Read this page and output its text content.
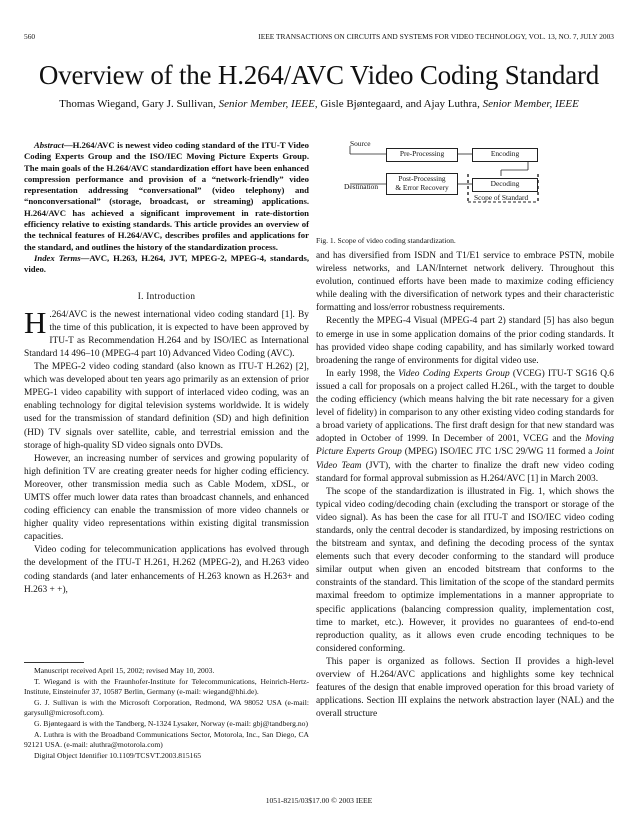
560	IEEE TRANSACTIONS ON CIRCUITS AND SYSTEMS FOR VIDEO TECHNOLOGY, VOL. 13, NO. 7, JULY 2003
Overview of the H.264/AVC Video Coding Standard
Thomas Wiegand, Gary J. Sullivan, Senior Member, IEEE, Gisle Bjøntegaard, and Ajay Luthra, Senior Member, IEEE

Abstract—H.264/AVC is newest video coding standard of the ITU-T Video Coding Experts Group and the ISO/IEC Moving Picture Experts Group. The main goals of the H.264/AVC standardization effort have been enhanced compression performance and provision of a “network-friendly” video representation addressing “conversational” (video telephony) and “nonconversational” (storage, broadcast, or streaming) applications. H.264/AVC has achieved a significant improvement in rate-distortion efficiency relative to existing standards. This article provides an overview of the technical features of H.264/AVC, describes profiles and applications for the standard, and outlines the history of the standardization process.

Index Terms—AVC, H.263, H.264, JVT, MPEG-2, MPEG-4, standards, video.

I. Introduction

H .264/AVC is the newest international video coding standard [1]. By the time of this publication, it is expected to have been approved by ITU-T as Recommendation H.264 and by ISO/IEC as International Standard 14 496–10 (MPEG-4 part 10) Advanced Video Coding (AVC).

The MPEG-2 video coding standard (also known as ITU-T H.262) [2], which was developed about ten years ago primarily as an extension of prior MPEG-1 video capability with support of interlaced video coding, was an enabling technology for digital television systems worldwide. It is widely used for the transmission of standard definition (SD) and high definition (HD) TV signals over satellite, cable, and terrestrial emission and the storage of high-quality SD video signals onto DVDs.

However, an increasing number of services and growing popularity of high definition TV are creating greater needs for higher coding efficiency. Moreover, other transmission media such as Cable Modem, xDSL, or UMTS offer much lower data rates than broadcast channels, and enhanced coding efficiency can enable the transmission of more video channels or higher quality video representations within existing digital transmission capacities.

Video coding for telecommunication applications has evolved through the development of the ITU-T H.261, H.262 (MPEG-2), and H.263 video coding standards (and later enhancements of H.263 known as H.263+ and H.263 + +),

Manuscript received April 15, 2002; revised May 10, 2003.

T. Wiegand is with the Fraunhofer-Institute for Telecommunications, Heinrich-Hertz-Institute, Einsteinufer 37, 10587 Berlin, Germany (e-mail: wiegand@hhi.de).

G. J. Sullivan is with the Microsoft Corporation, Redmond, WA 98052 USA (e-mail: garysull@microsoft.com).

G. Bjøntegaard is with the Tandberg, N-1324 Lysaker, Norway (e-mail: gbj@tandberg.no)

A. Luthra is with the Broadband Communications Sector, Motorola, Inc., San Diego, CA 92121 USA. (e-mail: aluthra@motorola.com)

Digital Object Identifier 10.1109/TCSVT.2003.815165

Source
Pre-Processing	Encoding
Destination
Post-Processing
& Error Recovery	Decoding
Scope of Standard
Fig. 1. Scope of video coding standardization.

and has diversified from ISDN and T1/E1 service to embrace PSTN, mobile wireless networks, and LAN/Internet network delivery. Throughout this evolution, continued efforts have been made to maximize coding efficiency while dealing with the diversification of network types and their characteristic formatting and loss/error robustness requirements.

Recently the MPEG-4 Visual (MPEG-4 part 2) standard [5] has also begun to emerge in use in some application domains of the prior coding standards. It has provided video shape coding capability, and has similarly worked toward broadening the range of environments for digital video use.

In early 1998, the Video Coding Experts Group (VCEG) ITU-T SG16 Q.6 issued a call for proposals on a project called H.26L, with the target to double the coding efficiency (which means halving the bit rate necessary for a given level of fidelity) in comparison to any other existing video coding standards for a broad variety of applications. The first draft design for that new standard was adopted in October of 1999. In December of 2001, VCEG and the Moving Picture Experts Group (MPEG) ISO/IEC JTC 1/SC 29/WG 11 formed a Joint Video Team (JVT), with the charter to finalize the draft new video coding standard for formal approval submission as H.264/AVC [1] in March 2003.

The scope of the standardization is illustrated in Fig. 1, which shows the typical video coding/decoding chain (excluding the transport or storage of the video signal). As has been the case for all ITU-T and ISO/IEC video coding standards, only the central decoder is standardized, by imposing restrictions on the bitstream and syntax, and defining the decoding process of the syntax elements such that every decoder conforming to the standard will produce similar output when given an encoded bitstream that conforms to the constraints of the standard. This limitation of the scope of the standard permits maximal freedom to optimize implementations in a manner appropriate to specific applications (balancing compression quality, implementation cost, time to market, etc.). However, it provides no guarantees of end-to-end reproduction quality, as it allows even crude encoding techniques to be considered conforming.

This paper is organized as follows. Section II provides a high-level overview of H.264/AVC applications and highlights some key technical features of the design that enable improved operation for this broad variety of applications. Section III explains the network abstraction layer (NAL) and the overall structure

1051-8215/03$17.00 © 2003 IEEE
